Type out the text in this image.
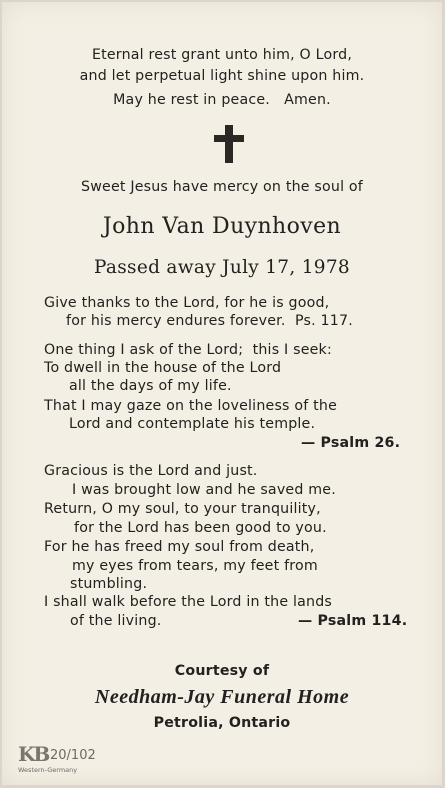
Eternal rest grant unto him, O Lord,
and let perpetual light shine upon him.
May he rest in peace.   Amen.
Sweet Jesus have mercy on the soul of
John Van Duynhoven
Passed away July 17, 1978
Give thanks to the Lord, for he is good,
for his mercy endures forever.  Ps. 117.
One thing I ask of the Lord;  this I seek:
To dwell in the house of the Lord
all the days of my life.
That I may gaze on the loveliness of the
Lord and contemplate his temple.
— Psalm 26.
Gracious is the Lord and just.
I was brought low and he saved me.
Return, O my soul, to your tranquility,
for the Lord has been good to you.
For he has freed my soul from death,
my eyes from tears, my feet from
stumbling.
I shall walk before the Lord in the lands
of the living.	— Psalm 114.
Courtesy of
Needham-Jay Funeral Home
Petrolia, Ontario
KB 20/102
Western-Germany
